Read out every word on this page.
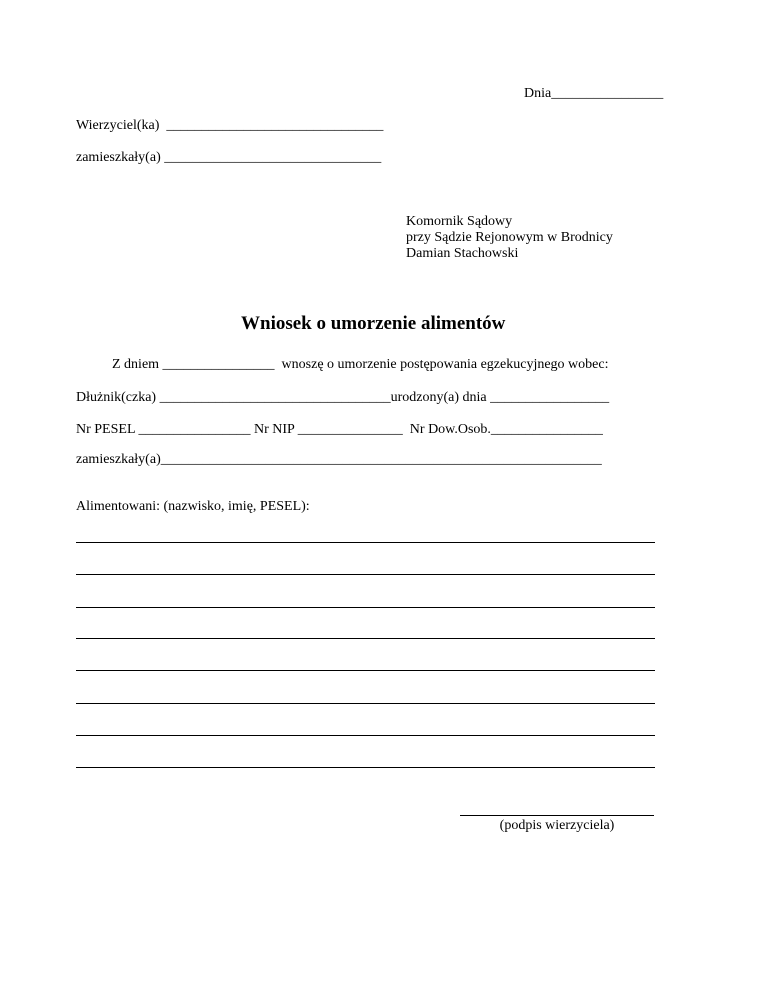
Dnia________________
Wierzyciel(ka)  _______________________________
zamieszkały(a) _______________________________
Komornik Sądowy
przy Sądzie Rejonowym w Brodnicy
Damian Stachowski
Wniosek o umorzenie alimentów
Z dniem ________________  wnoszę o umorzenie postępowania egzekucyjnego wobec:
Dłużnik(czka) _________________________________urodzony(a) dnia _________________
Nr PESEL ________________ Nr NIP _______________  Nr Dow.Osob.________________
zamieszkały(a)_______________________________________________________________
Alimentowani: (nazwisko, imię, PESEL):
(podpis wierzyciela)
